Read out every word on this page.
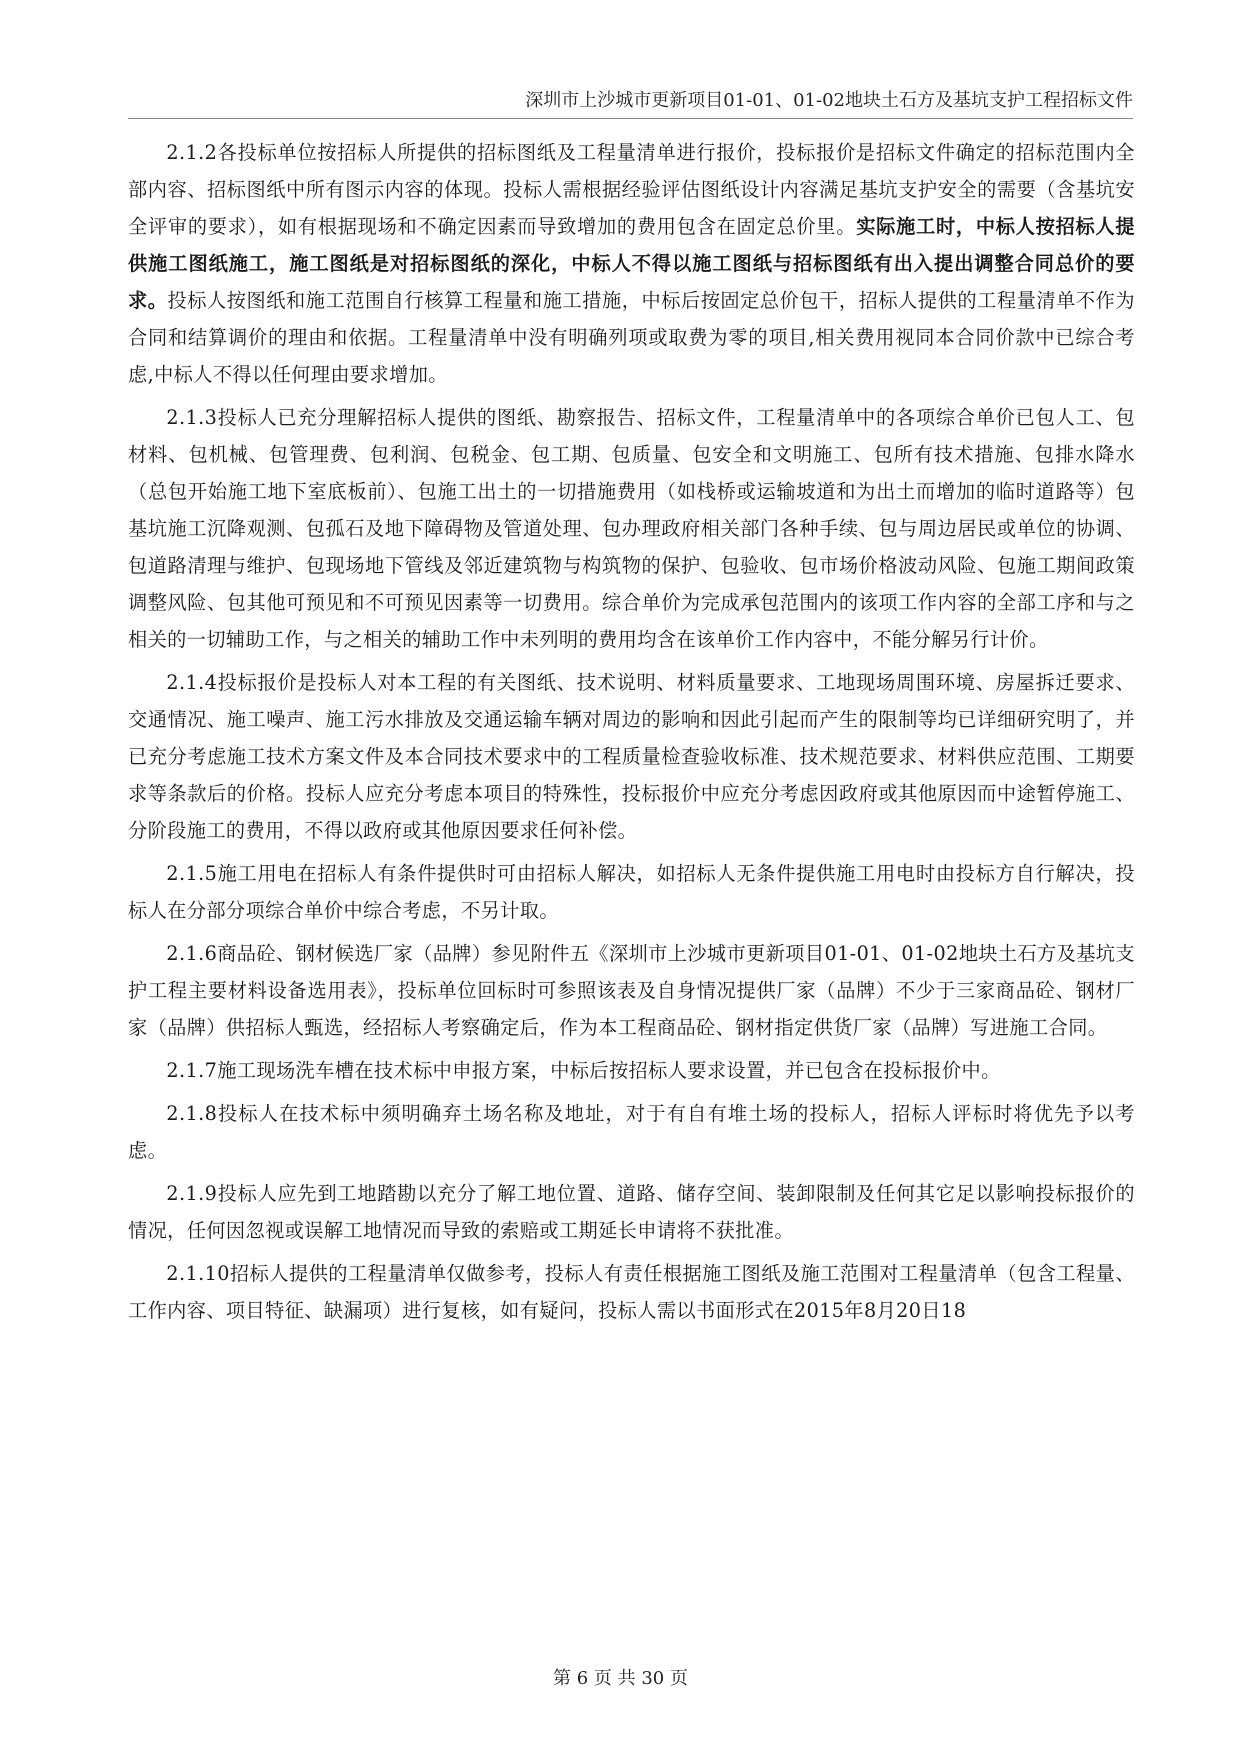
深圳市上沙城市更新项目01-01、01-02地块土石方及基坑支护工程招标文件

2.1.2各投标单位按招标人所提供的招标图纸及工程量清单进行报价，投标报价是招标文件确定的招标范围内全部内容、招标图纸中所有图示内容的体现。投标人需根据经验评估图纸设计内容满足基坑支护安全的需要（含基坑安全评审的要求），如有根据现场和不确定因素而导致增加的费用包含在固定总价里。实际施工时，中标人按招标人提供施工图纸施工，施工图纸是对招标图纸的深化，中标人不得以施工图纸与招标图纸有出入提出调整合同总价的要求。投标人按图纸和施工范围自行核算工程量和施工措施，中标后按固定总价包干，招标人提供的工程量清单不作为合同和结算调价的理由和依据。工程量清单中没有明确列项或取费为零的项目,相关费用视同本合同价款中已综合考虑,中标人不得以任何理由要求增加。

2.1.3投标人已充分理解招标人提供的图纸、勘察报告、招标文件，工程量清单中的各项综合单价已包人工、包材料、包机械、包管理费、包利润、包税金、包工期、包质量、包安全和文明施工、包所有技术措施、包排水降水（总包开始施工地下室底板前）、包施工出土的一切措施费用（如栈桥或运输坡道和为出土而增加的临时道路等）包基坑施工沉降观测、包孤石及地下障碍物及管道处理、包办理政府相关部门各种手续、包与周边居民或单位的协调、包道路清理与维护、包现场地下管线及邻近建筑物与构筑物的保护、包验收、包市场价格波动风险、包施工期间政策调整风险、包其他可预见和不可预见因素等一切费用。综合单价为完成承包范围内的该项工作内容的全部工序和与之相关的一切辅助工作，与之相关的辅助工作中未列明的费用均含在该单价工作内容中，不能分解另行计价。

2.1.4投标报价是投标人对本工程的有关图纸、技术说明、材料质量要求、工地现场周围环境、房屋拆迁要求、交通情况、施工噪声、施工污水排放及交通运输车辆对周边的影响和因此引起而产生的限制等均已详细研究明了，并已充分考虑施工技术方案文件及本合同技术要求中的工程质量检查验收标准、技术规范要求、材料供应范围、工期要求等条款后的价格。投标人应充分考虑本项目的特殊性，投标报价中应充分考虑因政府或其他原因而中途暂停施工、分阶段施工的费用，不得以政府或其他原因要求任何补偿。

2.1.5施工用电在招标人有条件提供时可由招标人解决，如招标人无条件提供施工用电时由投标方自行解决，投标人在分部分项综合单价中综合考虑，不另计取。

2.1.6商品砼、钢材候选厂家（品牌）参见附件五《深圳市上沙城市更新项目01-01、01-02地块土石方及基坑支护工程主要材料设备选用表》，投标单位回标时可参照该表及自身情况提供厂家（品牌）不少于三家商品砼、钢材厂家（品牌）供招标人甄选，经招标人考察确定后，作为本工程商品砼、钢材指定供货厂家（品牌）写进施工合同。

2.1.7施工现场洗车槽在技术标中申报方案，中标后按招标人要求设置，并已包含在投标报价中。

2.1.8投标人在技术标中须明确弃土场名称及地址，对于有自有堆土场的投标人，招标人评标时将优先予以考虑。

2.1.9投标人应先到工地踏勘以充分了解工地位置、道路、储存空间、装卸限制及任何其它足以影响投标报价的情况，任何因忽视或误解工地情况而导致的索赔或工期延长申请将不获批准。

2.1.10招标人提供的工程量清单仅做参考，投标人有责任根据施工图纸及施工范围对工程量清单（包含工程量、工作内容、项目特征、缺漏项）进行复核，如有疑问，投标人需以书面形式在2015年8月20日18

第 6 页 共 30 页
